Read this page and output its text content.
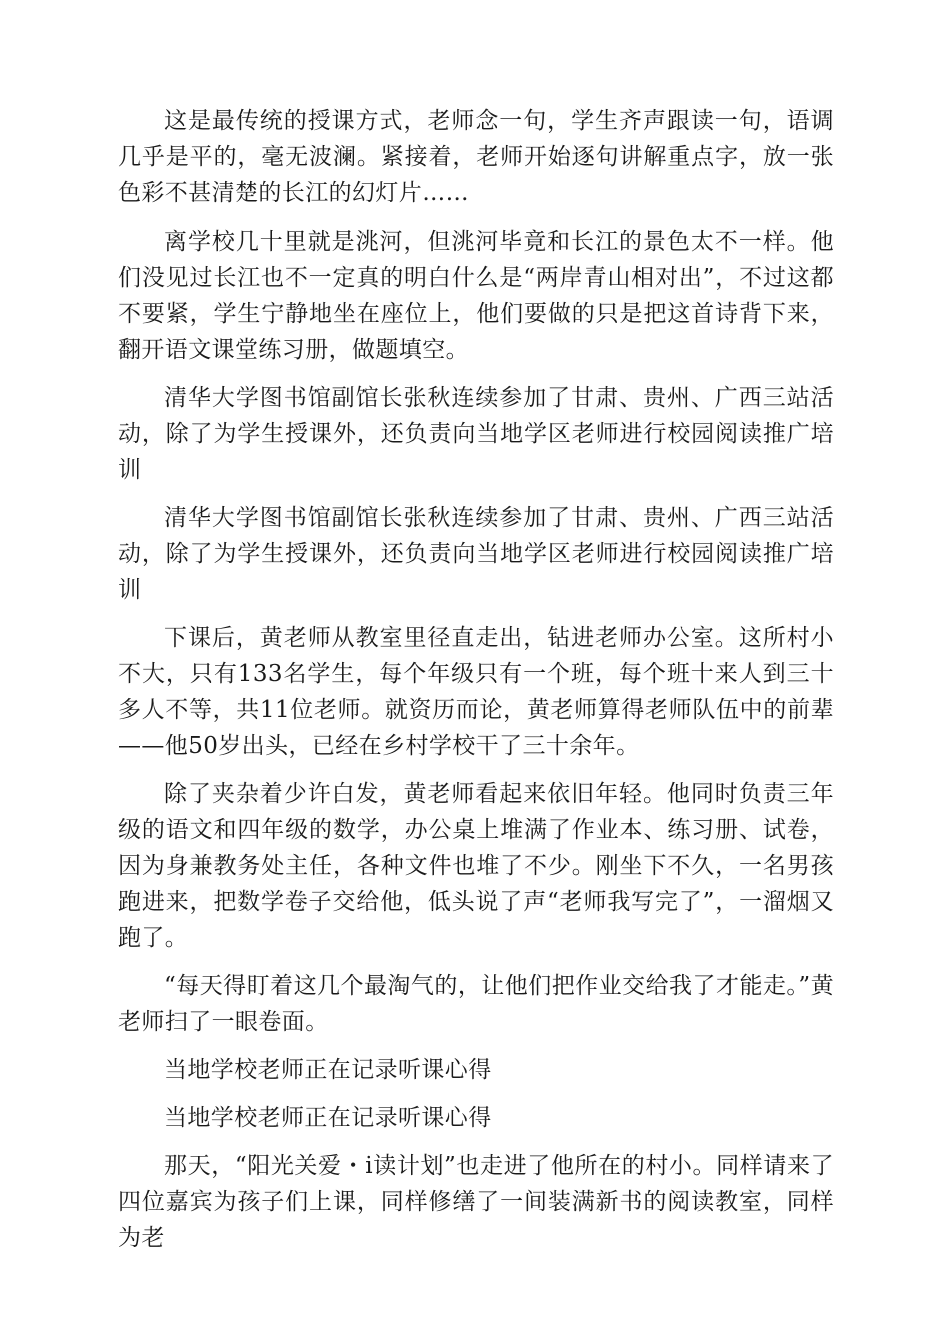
这是最传统的授课方式，老师念一句，学生齐声跟读一句，语调几乎是平的，毫无波澜。紧接着，老师开始逐句讲解重点字，放一张色彩不甚清楚的长江的幻灯片……

离学校几十里就是洮河，但洮河毕竟和长江的景色太不一样。他们没见过长江也不一定真的明白什么是“两岸青山相对出”，不过这都不要紧，学生宁静地坐在座位上，他们要做的只是把这首诗背下来，翻开语文课堂练习册，做题填空。

清华大学图书馆副馆长张秋连续参加了甘肃、贵州、广西三站活动，除了为学生授课外，还负责向当地学区老师进行校园阅读推广培训

清华大学图书馆副馆长张秋连续参加了甘肃、贵州、广西三站活动，除了为学生授课外，还负责向当地学区老师进行校园阅读推广培训

下课后，黄老师从教室里径直走出，钻进老师办公室。这所村小不大，只有133名学生，每个年级只有一个班，每个班十来人到三十多人不等，共11位老师。就资历而论，黄老师算得老师队伍中的前辈——他50岁出头，已经在乡村学校干了三十余年。

除了夹杂着少许白发，黄老师看起来依旧年轻。他同时负责三年级的语文和四年级的数学，办公桌上堆满了作业本、练习册、试卷，因为身兼教务处主任，各种文件也堆了不少。刚坐下不久，一名男孩跑进来，把数学卷子交给他，低头说了声“老师我写完了”，一溜烟又跑了。

“每天得盯着这几个最淘气的，让他们把作业交给我了才能走。”黄老师扫了一眼卷面。

当地学校老师正在记录听课心得

当地学校老师正在记录听课心得

那天，“阳光关爱・i读计划”也走进了他所在的村小。同样请来了四位嘉宾为孩子们上课，同样修缮了一间装满新书的阅读教室，同样为老
